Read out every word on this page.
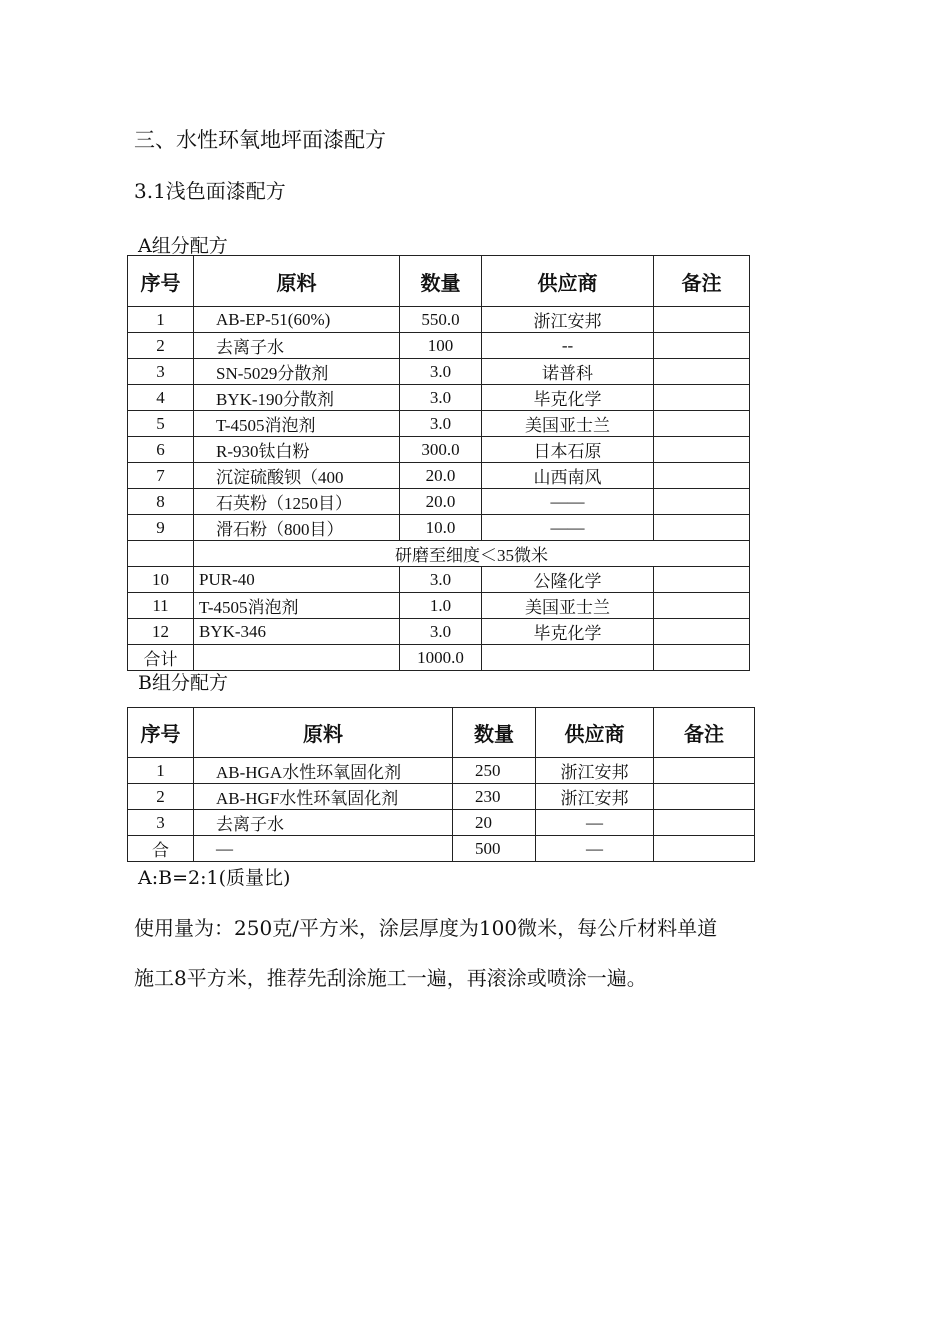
三、水性环氧地坪面漆配方
3.1浅色面漆配方
A组分配方
序号	原料	数量	供应商	备注
1	AB-EP-51(60%)	550.0	浙江安邦	
2	去离子水	100	--	
3	SN-5029分散剂	3.0	诺普科	
4	BYK-190分散剂	3.0	毕克化学	
5	T-4505消泡剂	3.0	美国亚士兰	
6	R-930钛白粉	300.0	日本石原	
7	沉淀硫酸钡（400	20.0	山西南风	
8	石英粉（1250目）	20.0	——	
9	滑石粉（800目）	10.0	——	
	研磨至细度＜35微米			
10	PUR-40	3.0	公隆化学	
11	T-4505消泡剂	1.0	美国亚士兰	
12	BYK-346	3.0	毕克化学	
合计		1000.0		
B组分配方
序号	原料	数量	供应商	备注
1	AB-HGA水性环氧固化剂	250	浙江安邦	
2	AB-HGF水性环氧固化剂	230	浙江安邦	
3	去离子水	20	—	
合	—	500	—	
A:B=2:1(质量比)
使用量为：250克/平方米，涂层厚度为100微米，每公斤材料单道
施工8平方米，推荐先刮涂施工一遍，再滚涂或喷涂一遍。
